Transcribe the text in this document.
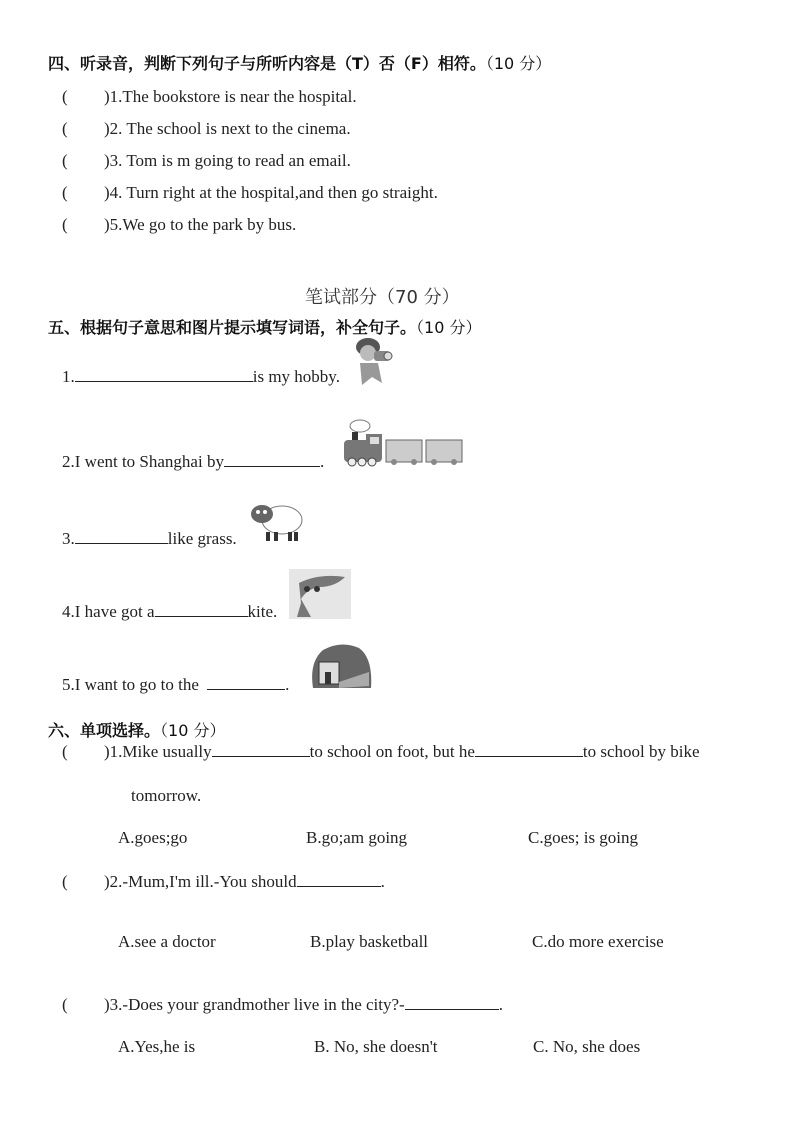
四、听录音，判断下列句子与所听内容是（T）否（F）相符。（10 分）
( )1.The bookstore is near the hospital.
( )2. The school is next to the cinema.
( )3. Tom is m going to read an email.
( )4. Turn right at the hospital,and then go straight.
( )5.We go to the park by bus.
笔试部分（70 分）
五、根据句子意思和图片提示填写词语，补全句子。（10 分）
1.	is my hobby.
2.I went to Shanghai by	.
3.	like grass.
4.I have got a	kite.
5.I want to go to the	.
六、单项选择。（10 分）
( )1.Mike usually	to school on foot, but he	to school by bike
tomorrow.
A.goes;go	B.go;am going	C.goes; is going
( )2.-Mum,I'm ill.-You should	.
A.see a doctor	B.play basketball	C.do more exercise
( )3.-Does your grandmother live in the city?-	.
A.Yes,he is	B. No, she doesn't	C. No, she does
